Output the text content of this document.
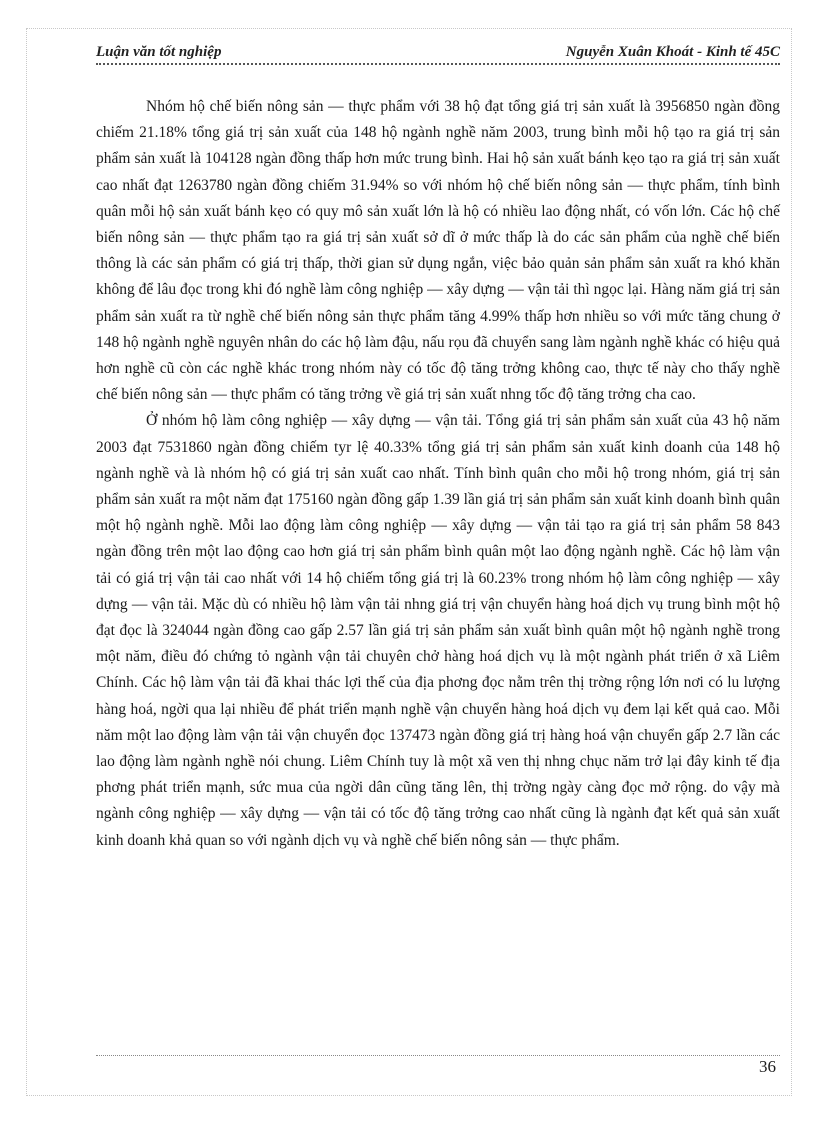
Luận văn tốt nghiệp	Nguyễn Xuân Khoát - Kinh tế 45C

Nhóm hộ chế biến nông sản — thực phẩm với 38 hộ đạt tổng giá trị sản xuất là 3956850 ngàn đồng chiếm 21.18% tổng giá trị sản xuất của 148 hộ ngành nghề năm 2003, trung bình mỗi hộ tạo ra giá trị sản phẩm sản xuất là 104128 ngàn đồng thấp hơn mức trung bình. Hai hộ sản xuất bánh kẹo tạo ra giá trị sản xuất cao nhất đạt 1263780 ngàn đồng chiếm 31.94% so với nhóm hộ chế biến nông sản — thực phẩm, tính bình quân mỗi hộ sản xuất bánh kẹo có quy mô sản xuất lớn là hộ có nhiều lao động nhất, có vốn lớn. Các hộ chế biến nông sản — thực phẩm tạo ra giá trị sản xuất sở dĩ ở mức thấp là do các sản phẩm của nghề chế biến thông là các sản phẩm có giá trị thấp, thời gian sử dụng ngắn, việc bảo quản sản phẩm sản xuất ra khó khăn không để lâu đọc trong khi đó nghề làm công nghiệp — xây dựng — vận tải thì ngọc lại. Hàng năm giá trị sản phẩm sản xuất ra từ nghề chế biến nông sản thực phẩm tăng 4.99% thấp hơn nhiều so với mức tăng chung ở 148 hộ ngành nghề nguyên nhân do các hộ làm đậu, nấu rọu đã chuyển sang làm ngành nghề khác có hiệu quả hơn nghề cũ còn các nghề khác trong nhóm này có tốc độ tăng trởng không cao, thực tế này cho thấy nghề chế biến nông sản — thực phẩm có tăng trởng về giá trị sản xuất nhng tốc độ tăng trởng cha cao.

Ở nhóm hộ làm công nghiệp — xây dựng — vận tải. Tổng giá trị sản phẩm sản xuất của 43 hộ năm 2003 đạt 7531860 ngàn đồng chiếm tyr lệ 40.33% tổng giá trị sản phẩm sản xuất kinh doanh của 148 hộ ngành nghề và là nhóm hộ có giá trị sản xuất cao nhất. Tính bình quân cho mỗi hộ trong nhóm, giá trị sản phẩm sản xuất ra một năm đạt 175160 ngàn đồng gấp 1.39 lần giá trị sản phẩm sản xuất kinh doanh bình quân một hộ ngành nghề. Mỗi lao động làm công nghiệp — xây dựng — vận tải tạo ra giá trị sản phẩm 58 843 ngàn đồng trên một lao động cao hơn giá trị sản phẩm bình quân một lao động ngành nghề. Các hộ làm vận tải có giá trị vận tải cao nhất với 14 hộ chiếm tổng giá trị là 60.23% trong nhóm hộ làm công nghiệp — xây dựng — vận tải. Mặc dù có nhiều hộ làm vận tải nhng giá trị vận chuyển hàng hoá dịch vụ trung bình một hộ đạt đọc là 324044 ngàn đồng cao gấp 2.57 lần giá trị sản phẩm sản xuất bình quân một hộ ngành nghề trong một năm, điều đó chứng tỏ ngành vận tải chuyên chở hàng hoá dịch vụ là một ngành phát triển ở xã Liêm Chính. Các hộ làm vận tải đã khai thác lợi thế của địa phơng đọc nằm trên thị trờng rộng lớn nơi có lu lượng hàng hoá, ngời qua lại nhiều để phát triển mạnh nghề vận chuyển hàng hoá dịch vụ đem lại kết quả cao. Mỗi năm một lao động làm vận tải vận chuyển đọc 137473 ngàn đồng giá trị hàng hoá vận chuyển gấp 2.7 lần các lao động làm ngành nghề nói chung. Liêm Chính tuy là một xã ven thị nhng chục năm trở lại đây kinh tế địa phơng phát triển mạnh, sức mua của ngời dân cũng tăng lên, thị trờng ngày càng đọc mở rộng. do vậy mà ngành công nghiệp — xây dựng — vận tải có tốc độ tăng trởng cao nhất cũng là ngành đạt kết quả sản xuất kinh doanh khả quan so với ngành dịch vụ và nghề chế biến nông sản — thực phẩm.

36
